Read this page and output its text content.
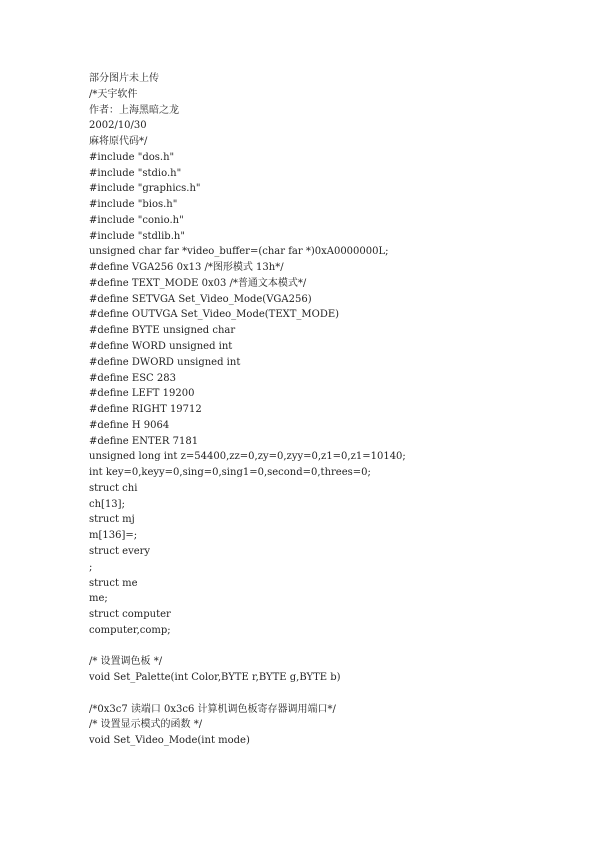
部分图片未上传
/*天宇软件
作者：上海黑暗之龙
2002/10/30
麻将原代码*/
#include "dos.h"
#include "stdio.h"
#include "graphics.h"
#include "bios.h"
#include "conio.h"
#include "stdlib.h"
unsigned char far *video_buffer=(char far *)0xA0000000L;
#define VGA256 0x13 /*图形模式 13h*/
#define TEXT_MODE 0x03 /*普通文本模式*/
#define SETVGA Set_Video_Mode(VGA256)
#define OUTVGA Set_Video_Mode(TEXT_MODE)
#define BYTE unsigned char
#define WORD unsigned int
#define DWORD unsigned int
#define ESC 283
#define LEFT 19200
#define RIGHT 19712
#define H 9064
#define ENTER 7181
unsigned long int z=54400,zz=0,zy=0,zyy=0,z1=0,z1=10140;
int key=0,keyy=0,sing=0,sing1=0,second=0,threes=0;
struct chi
ch[13];
struct mj
m[136]=;
struct every
;
struct me
me;
struct computer
computer,comp;
/* 设置调色板 */
void Set_Palette(int Color,BYTE r,BYTE g,BYTE b)
/*0x3c7 读端口 0x3c6 计算机调色板寄存器调用端口*/
/* 设置显示模式的函数 */
void Set_Video_Mode(int mode)
